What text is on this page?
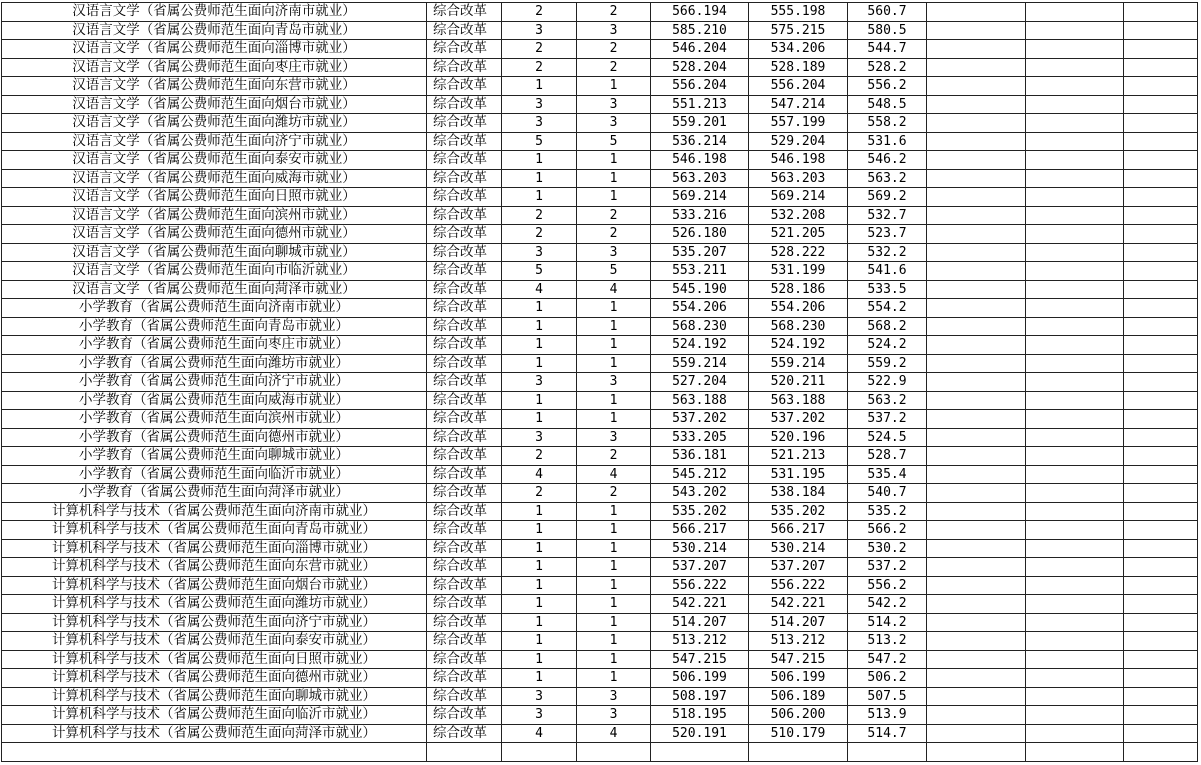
汉语言文学（省属公费师范生面向济南市就业）	综合改革	2	2	566.194	555.198	560.7			
汉语言文学（省属公费师范生面向青岛市就业）	综合改革	3	3	585.210	575.215	580.5			
汉语言文学（省属公费师范生面向淄博市就业）	综合改革	2	2	546.204	534.206	544.7			
汉语言文学（省属公费师范生面向枣庄市就业）	综合改革	2	2	528.204	528.189	528.2			
汉语言文学（省属公费师范生面向东营市就业）	综合改革	1	1	556.204	556.204	556.2			
汉语言文学（省属公费师范生面向烟台市就业）	综合改革	3	3	551.213	547.214	548.5			
汉语言文学（省属公费师范生面向潍坊市就业）	综合改革	3	3	559.201	557.199	558.2			
汉语言文学（省属公费师范生面向济宁市就业）	综合改革	5	5	536.214	529.204	531.6			
汉语言文学（省属公费师范生面向泰安市就业）	综合改革	1	1	546.198	546.198	546.2			
汉语言文学（省属公费师范生面向威海市就业）	综合改革	1	1	563.203	563.203	563.2			
汉语言文学（省属公费师范生面向日照市就业）	综合改革	1	1	569.214	569.214	569.2			
汉语言文学（省属公费师范生面向滨州市就业）	综合改革	2	2	533.216	532.208	532.7			
汉语言文学（省属公费师范生面向德州市就业）	综合改革	2	2	526.180	521.205	523.7			
汉语言文学（省属公费师范生面向聊城市就业）	综合改革	3	3	535.207	528.222	532.2			
汉语言文学（省属公费师范生面向市临沂就业）	综合改革	5	5	553.211	531.199	541.6			
汉语言文学（省属公费师范生面向菏泽市就业）	综合改革	4	4	545.190	528.186	533.5			
小学教育（省属公费师范生面向济南市就业）	综合改革	1	1	554.206	554.206	554.2			
小学教育（省属公费师范生面向青岛市就业）	综合改革	1	1	568.230	568.230	568.2			
小学教育（省属公费师范生面向枣庄市就业）	综合改革	1	1	524.192	524.192	524.2			
小学教育（省属公费师范生面向潍坊市就业）	综合改革	1	1	559.214	559.214	559.2			
小学教育（省属公费师范生面向济宁市就业）	综合改革	3	3	527.204	520.211	522.9			
小学教育（省属公费师范生面向威海市就业）	综合改革	1	1	563.188	563.188	563.2			
小学教育（省属公费师范生面向滨州市就业）	综合改革	1	1	537.202	537.202	537.2			
小学教育（省属公费师范生面向德州市就业）	综合改革	3	3	533.205	520.196	524.5			
小学教育（省属公费师范生面向聊城市就业）	综合改革	2	2	536.181	521.213	528.7			
小学教育（省属公费师范生面向临沂市就业）	综合改革	4	4	545.212	531.195	535.4			
小学教育（省属公费师范生面向菏泽市就业）	综合改革	2	2	543.202	538.184	540.7			
计算机科学与技术（省属公费师范生面向济南市就业）	综合改革	1	1	535.202	535.202	535.2			
计算机科学与技术（省属公费师范生面向青岛市就业）	综合改革	1	1	566.217	566.217	566.2			
计算机科学与技术（省属公费师范生面向淄博市就业）	综合改革	1	1	530.214	530.214	530.2			
计算机科学与技术（省属公费师范生面向东营市就业）	综合改革	1	1	537.207	537.207	537.2			
计算机科学与技术（省属公费师范生面向烟台市就业）	综合改革	1	1	556.222	556.222	556.2			
计算机科学与技术（省属公费师范生面向潍坊市就业）	综合改革	1	1	542.221	542.221	542.2			
计算机科学与技术（省属公费师范生面向济宁市就业）	综合改革	1	1	514.207	514.207	514.2			
计算机科学与技术（省属公费师范生面向泰安市就业）	综合改革	1	1	513.212	513.212	513.2			
计算机科学与技术（省属公费师范生面向日照市就业）	综合改革	1	1	547.215	547.215	547.2			
计算机科学与技术（省属公费师范生面向德州市就业）	综合改革	1	1	506.199	506.199	506.2			
计算机科学与技术（省属公费师范生面向聊城市就业）	综合改革	3	3	508.197	506.189	507.5			
计算机科学与技术（省属公费师范生面向临沂市就业）	综合改革	3	3	518.195	506.200	513.9			
计算机科学与技术（省属公费师范生面向菏泽市就业）	综合改革	4	4	520.191	510.179	514.7			
